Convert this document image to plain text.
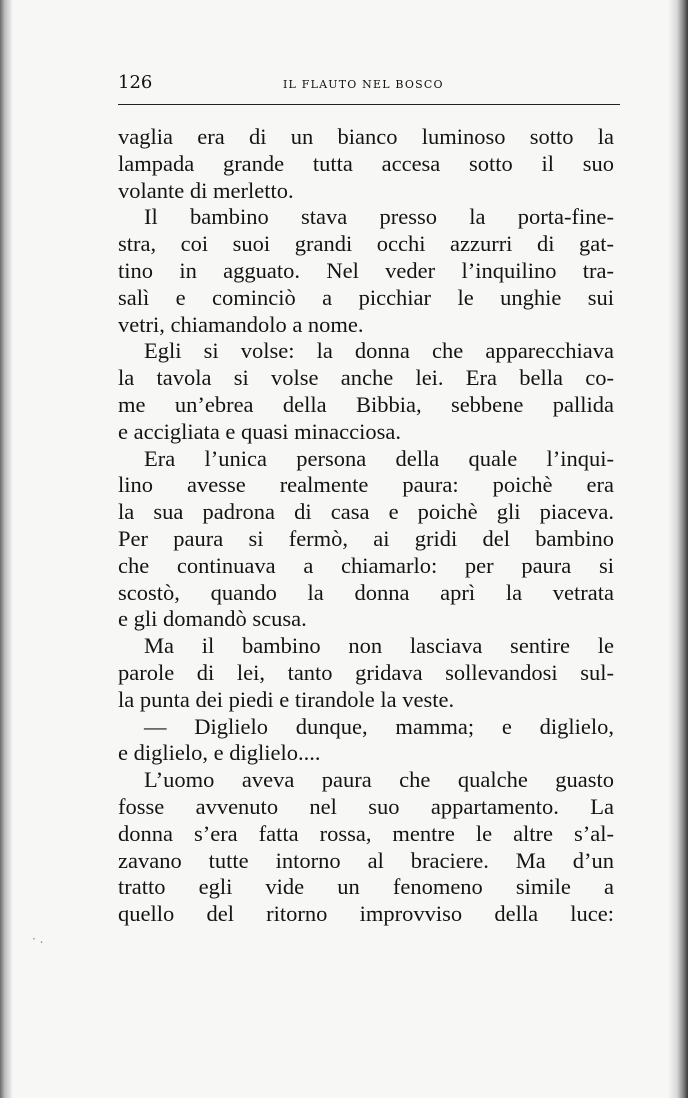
126	IL FLAUTO NEL BOSCO
vaglia era di un bianco luminoso sotto la
lampada grande tutta accesa sotto il suo
volante di merletto.
Il bambino stava presso la porta-fine-
stra, coi suoi grandi occhi azzurri di gat-
tino in agguato. Nel veder l’inquilino tra-
salì e cominciò a picchiar le unghie sui
vetri, chiamandolo a nome.
Egli si volse: la donna che apparecchiava
la tavola si volse anche lei. Era bella co-
me un’ebrea della Bibbia, sebbene pallida
e accigliata e quasi minacciosa.
Era l’unica persona della quale l’inqui-
lino avesse realmente paura: poichè era
la sua padrona di casa e poichè gli piaceva.
Per paura si fermò, ai gridi del bambino
che continuava a chiamarlo: per paura si
scostò, quando la donna aprì la vetrata
e gli domandò scusa.
Ma il bambino non lasciava sentire le
parole di lei, tanto gridava sollevandosi sul-
la punta dei piedi e tirandole la veste.
— Diglielo dunque, mamma; e diglielo,
e diglielo, e diglielo....
L’uomo aveva paura che qualche guasto
fosse avvenuto nel suo appartamento. La
donna s’era fatta rossa, mentre le altre s’al-
zavano tutte intorno al braciere. Ma d’un
tratto egli vide un fenomeno simile a
quello del ritorno improvviso della luce:
· .
